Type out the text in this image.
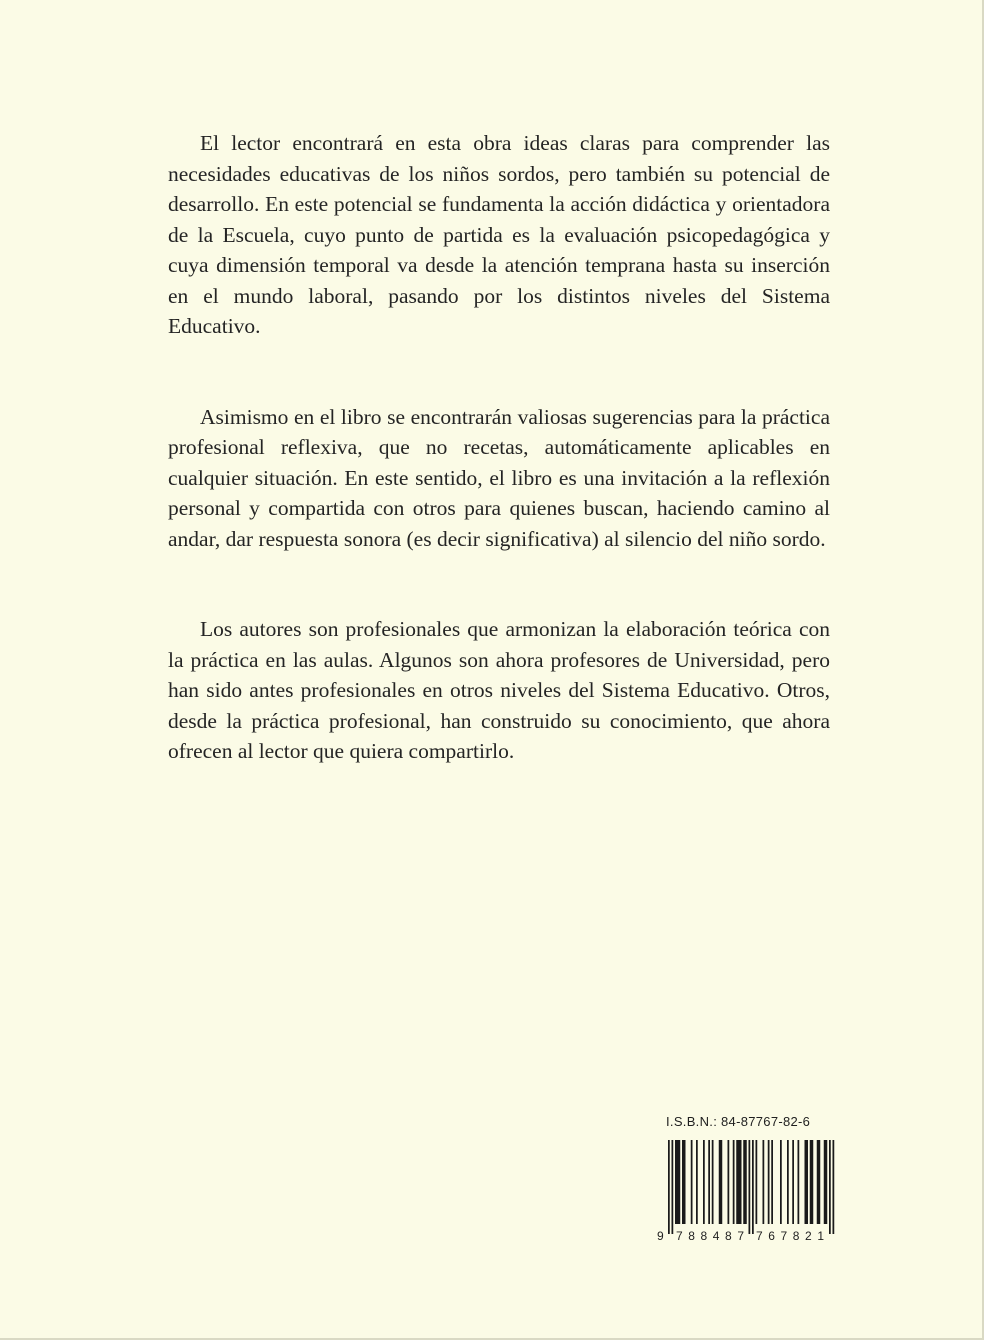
El lector encontrará en esta obra ideas claras para comprender las necesidades educativas de los niños sordos, pero también su potencial de desarrollo. En este potencial se fundamenta la acción didáctica y orientadora de la Escuela, cuyo punto de partida es la evaluación psicopedagógica y cuya dimensión temporal va desde la atención temprana hasta su inserción en el mundo laboral, pasando por los distintos niveles del Sistema Educativo.

Asimismo en el libro se encontrarán valiosas sugerencias para la práctica profesional reflexiva, que no recetas, automáticamente aplicables en cualquier situación. En este sentido, el libro es una invitación a la reflexión personal y compartida con otros para quienes buscan, haciendo camino al andar, dar respuesta sonora (es decir significativa) al silencio del niño sordo.

Los autores son profesionales que armonizan la elaboración teórica con la práctica en las aulas. Algunos son ahora profesores de Universidad, pero han sido antes profesionales en otros niveles del Sistema Educativo. Otros, desde la práctica profesional, han construido su conocimiento, que ahora ofrecen al lector que quiera compartirlo.

I.S.B.N.: 84-87767-82-6
9 788487 767821
